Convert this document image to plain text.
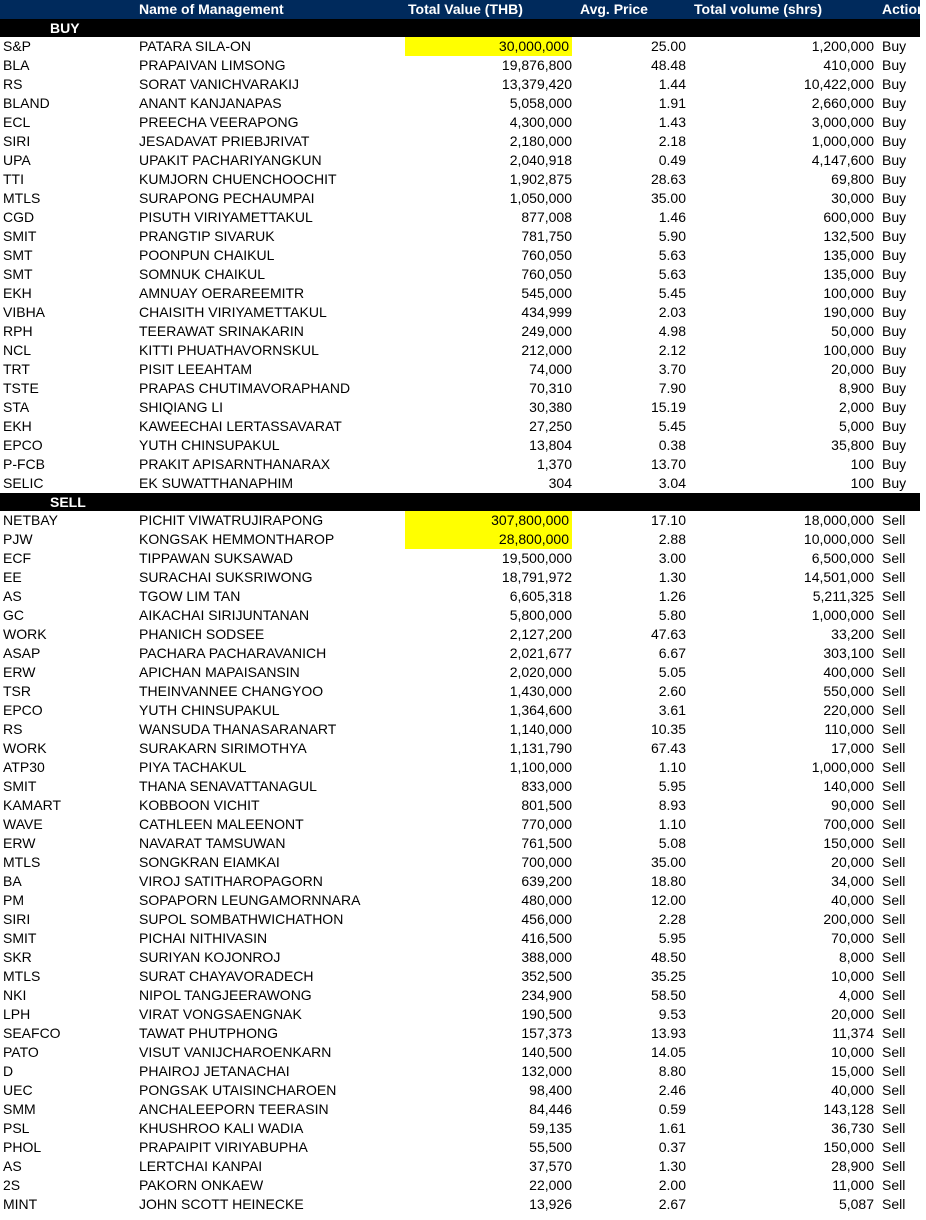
	Name of Management	Total Value (THB)	Avg. Price	Total volume (shrs)	Action
BUY					
S&P	PATARA SILA-ON	30,000,000	25.00	1,200,000	Buy
BLA	PRAPAIVAN LIMSONG	19,876,800	48.48	410,000	Buy
RS	SORAT VANICHVARAKIJ	13,379,420	1.44	10,422,000	Buy
BLAND	ANANT KANJANAPAS	5,058,000	1.91	2,660,000	Buy
ECL	PREECHA VEERAPONG	4,300,000	1.43	3,000,000	Buy
SIRI	JESADAVAT PRIEBJRIVAT	2,180,000	2.18	1,000,000	Buy
UPA	UPAKIT PACHARIYANGKUN	2,040,918	0.49	4,147,600	Buy
TTI	KUMJORN CHUENCHOOCHIT	1,902,875	28.63	69,800	Buy
MTLS	SURAPONG PECHAUMPAI	1,050,000	35.00	30,000	Buy
CGD	PISUTH VIRIYAMETTAKUL	877,008	1.46	600,000	Buy
SMIT	PRANGTIP SIVARUK	781,750	5.90	132,500	Buy
SMT	POONPUN CHAIKUL	760,050	5.63	135,000	Buy
SMT	SOMNUK CHAIKUL	760,050	5.63	135,000	Buy
EKH	AMNUAY OERAREEMITR	545,000	5.45	100,000	Buy
VIBHA	CHAISITH VIRIYAMETTAKUL	434,999	2.03	190,000	Buy
RPH	TEERAWAT SRINAKARIN	249,000	4.98	50,000	Buy
NCL	KITTI PHUATHAVORNSKUL	212,000	2.12	100,000	Buy
TRT	PISIT LEEAHTAM	74,000	3.70	20,000	Buy
TSTE	PRAPAS CHUTIMAVORAPHAND	70,310	7.90	8,900	Buy
STA	SHIQIANG LI	30,380	15.19	2,000	Buy
EKH	KAWEECHAI LERTASSAVARAT	27,250	5.45	5,000	Buy
EPCO	YUTH CHINSUPAKUL	13,804	0.38	35,800	Buy
P-FCB	PRAKIT APISARNTHANARAX	1,370	13.70	100	Buy
SELIC	EK SUWATTHANAPHIM	304	3.04	100	Buy
SELL					
NETBAY	PICHIT VIWATRUJIRAPONG	307,800,000	17.10	18,000,000	Sell
PJW	KONGSAK HEMMONTHAROP	28,800,000	2.88	10,000,000	Sell
ECF	TIPPAWAN SUKSAWAD	19,500,000	3.00	6,500,000	Sell
EE	SURACHAI SUKSRIWONG	18,791,972	1.30	14,501,000	Sell
AS	TGOW LIM TAN	6,605,318	1.26	5,211,325	Sell
GC	AIKACHAI SIRIJUNTANAN	5,800,000	5.80	1,000,000	Sell
WORK	PHANICH SODSEE	2,127,200	47.63	33,200	Sell
ASAP	PACHARA PACHARAVANICH	2,021,677	6.67	303,100	Sell
ERW	APICHAN MAPAISANSIN	2,020,000	5.05	400,000	Sell
TSR	THEINVANNEE CHANGYOO	1,430,000	2.60	550,000	Sell
EPCO	YUTH CHINSUPAKUL	1,364,600	3.61	220,000	Sell
RS	WANSUDA THANASARANART	1,140,000	10.35	110,000	Sell
WORK	SURAKARN SIRIMOTHYA	1,131,790	67.43	17,000	Sell
ATP30	PIYA TACHAKUL	1,100,000	1.10	1,000,000	Sell
SMIT	THANA SENAVATTANAGUL	833,000	5.95	140,000	Sell
KAMART	KOBBOON VICHIT	801,500	8.93	90,000	Sell
WAVE	CATHLEEN MALEENONT	770,000	1.10	700,000	Sell
ERW	NAVARAT TAMSUWAN	761,500	5.08	150,000	Sell
MTLS	SONGKRAN EIAMKAI	700,000	35.00	20,000	Sell
BA	VIROJ SATITHAROPAGORN	639,200	18.80	34,000	Sell
PM	SOPAPORN LEUNGAMORNNARA	480,000	12.00	40,000	Sell
SIRI	SUPOL SOMBATHWICHATHON	456,000	2.28	200,000	Sell
SMIT	PICHAI NITHIVASIN	416,500	5.95	70,000	Sell
SKR	SURIYAN KOJONROJ	388,000	48.50	8,000	Sell
MTLS	SURAT CHAYAVORADECH	352,500	35.25	10,000	Sell
NKI	NIPOL TANGJEERAWONG	234,900	58.50	4,000	Sell
LPH	VIRAT VONGSAENGNAK	190,500	9.53	20,000	Sell
SEAFCO	TAWAT PHUTPHONG	157,373	13.93	11,374	Sell
PATO	VISUT VANIJCHAROENKARN	140,500	14.05	10,000	Sell
D	PHAIROJ JETANACHAI	132,000	8.80	15,000	Sell
UEC	PONGSAK UTAISINCHAROEN	98,400	2.46	40,000	Sell
SMM	ANCHALEEPORN TEERASIN	84,446	0.59	143,128	Sell
PSL	KHUSHROO KALI WADIA	59,135	1.61	36,730	Sell
PHOL	PRAPAIPIT VIRIYABUPHA	55,500	0.37	150,000	Sell
AS	LERTCHAI KANPAI	37,570	1.30	28,900	Sell
2S	PAKORN ONKAEW	22,000	2.00	11,000	Sell
MINT	JOHN SCOTT HEINECKE	13,926	2.67	5,087	Sell
